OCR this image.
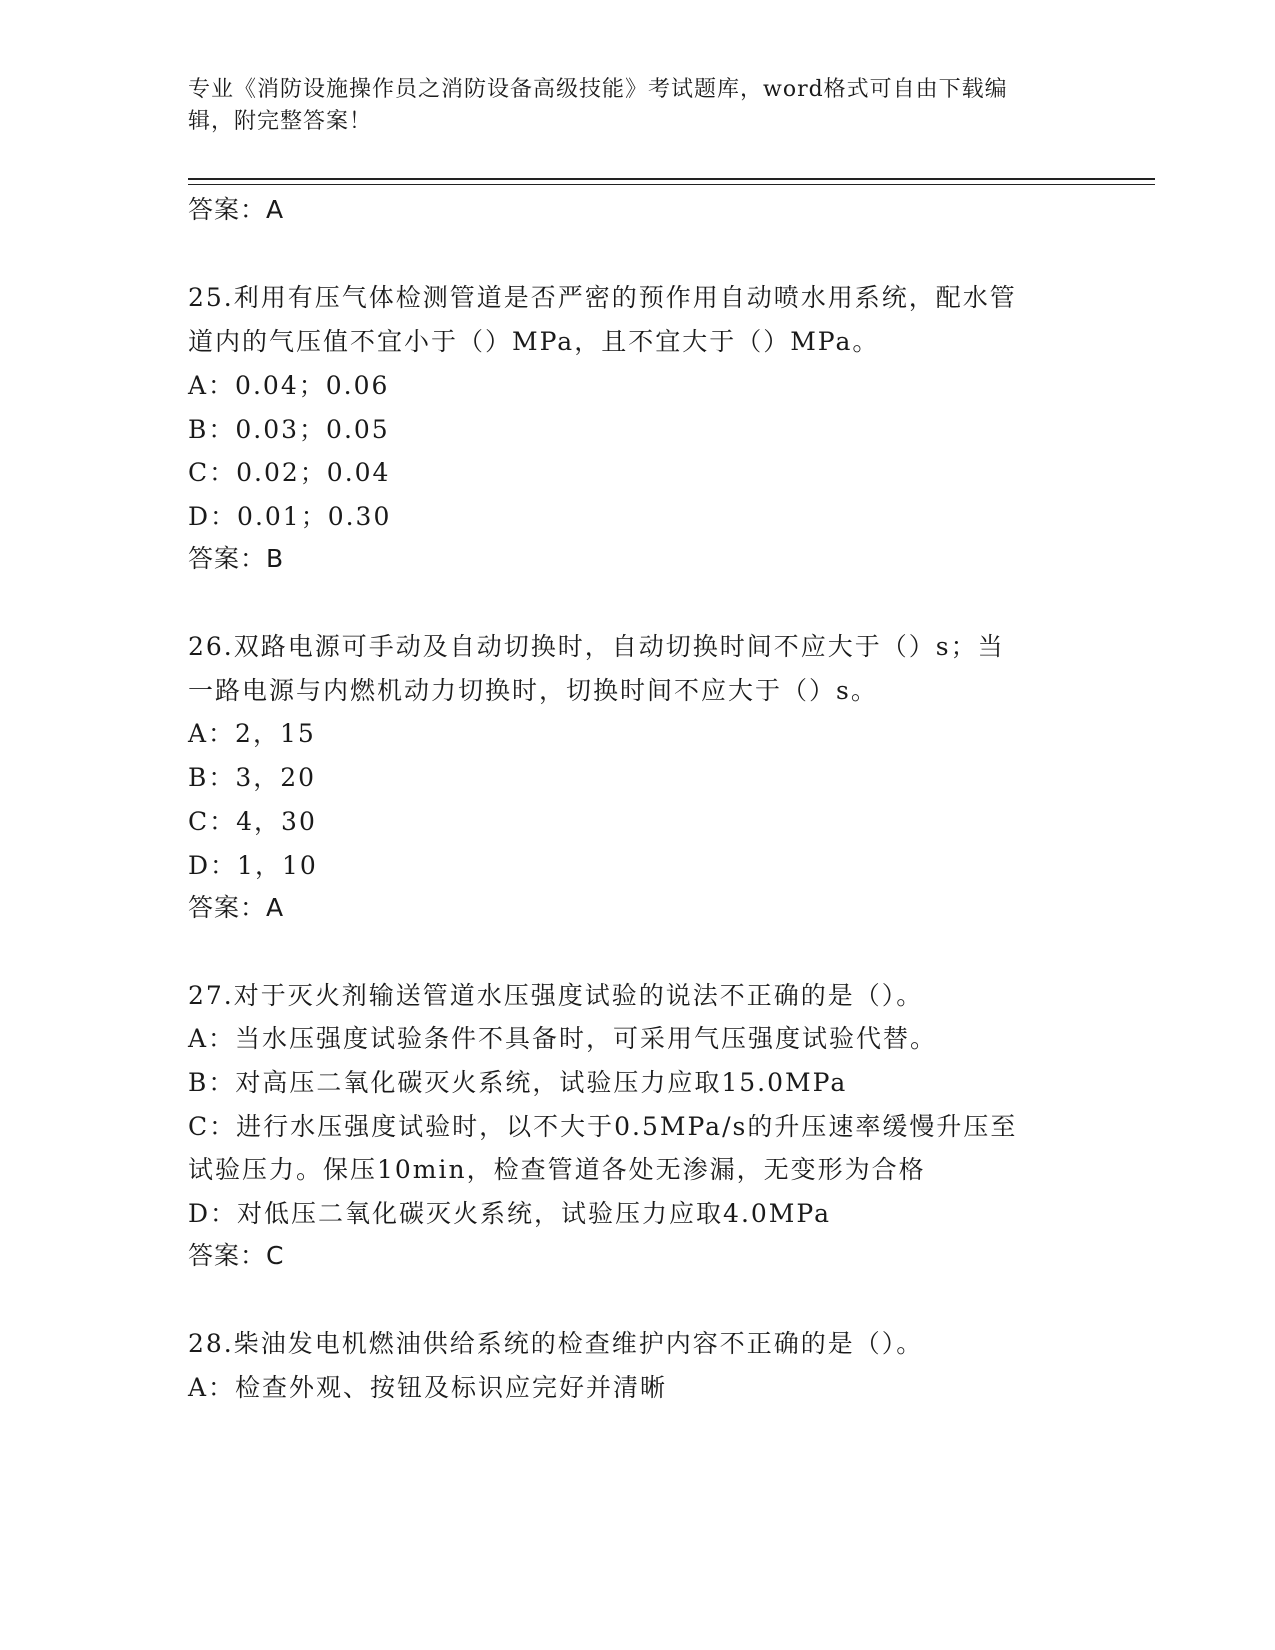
专业《消防设施操作员之消防设备高级技能》考试题库，word格式可自由下载编
辑，附完整答案！
答案：A
25.利用有压气体检测管道是否严密的预作用自动喷水用系统，配水管
道内的气压值不宜小于（）MPa，且不宜大于（）MPa。
A：0.04；0.06
B：0.03；0.05
C：0.02；0.04
D：0.01；0.30
答案：B
26.双路电源可手动及自动切换时，自动切换时间不应大于（）s；当
一路电源与内燃机动力切换时，切换时间不应大于（）s。
A：2，15
B：3，20
C：4，30
D：1，10
答案：A
27.对于灭火剂输送管道水压强度试验的说法不正确的是（）。
A：当水压强度试验条件不具备时，可采用气压强度试验代替。
B：对高压二氧化碳灭火系统，试验压力应取15.0MPa
C：进行水压强度试验时，以不大于0.5MPa/s的升压速率缓慢升压至
试验压力。保压10min，检查管道各处无渗漏，无变形为合格
D：对低压二氧化碳灭火系统，试验压力应取4.0MPa
答案：C
28.柴油发电机燃油供给系统的检查维护内容不正确的是（）。
A：检查外观、按钮及标识应完好并清晰
